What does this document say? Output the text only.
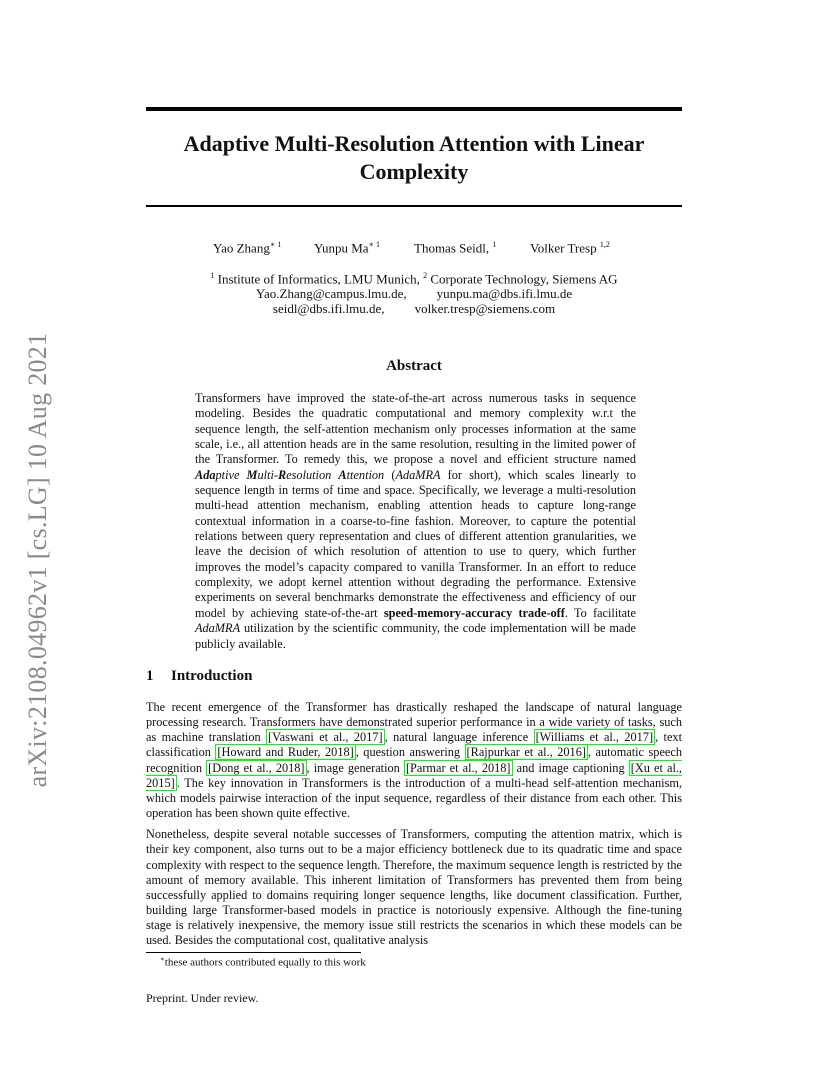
arXiv:2108.04962v1 [cs.LG] 10 Aug 2021
Adaptive Multi-Resolution Attention with Linear
Complexity
Yao Zhang$^{∗ 1}$	Yunpu $Ma^{∗ 1}$	Thomas Seidl, $^1$	Volker Tresp $^{1,2}$
$^1$ Institute of Informatics, LMU Munich, $^2$ Corporate Technology, Siemens AG
Yao.Zhang@campus.lmu.de, yunpu.ma@dbs.ifi.lmu.de
seidl@dbs.ifi.lmu.de, volker.tresp@siemens.com
Abstract
Transformers have improved the state-of-the-art across numerous tasks in sequence modeling. Besides the quadratic computational and memory complexity w.r.t the sequence length, the self-attention mechanism only processes information at the same scale, i.e., all attention heads are in the same resolution, resulting in the limited power of the Transformer. To remedy this, we propose a novel and efficient structure named Adaptive Multi-Resolution Attention (AdaMRA for short), which scales linearly to sequence length in terms of time and space. Specifically, we leverage a multi-resolution multi-head attention mechanism, enabling attention heads to capture long-range contextual information in a coarse-to-fine fashion. Moreover, to capture the potential relations between query representation and clues of different attention granularities, we leave the decision of which resolution of attention to use to query, which further improves the model’s capacity compared to vanilla Transformer. In an effort to reduce complexity, we adopt kernel attention without degrading the performance. Extensive experiments on several benchmarks demonstrate the effectiveness and efficiency of our model by achieving state-of-the-art speed-memory-accuracy trade-off. To facilitate AdaMRA utilization by the scientific community, the code implementation will be made publicly available.
1 Introduction

The recent emergence of the Transformer has drastically reshaped the landscape of natural language processing research. Transformers have demonstrated superior performance in a wide variety of tasks, such as machine translation [Vaswani et al., 2017] , natural language inference [Williams et al., 2017] , text classification [Howard and Ruder, 2018] , question answering [Rajpurkar et al., 2016] , automatic speech recognition [Dong et al., 2018] , image generation [Parmar et al., 2018] and image captioning [Xu et al., 2015] . The key innovation in Transformers is the introduction of a multi-head self-attention mechanism, which models pairwise interaction of the input sequence, regardless of their distance from each other. This operation has been shown quite effective.

Nonetheless, despite several notable successes of Transformers, computing the attention matrix, which is their key component, also turns out to be a major efficiency bottleneck due to its quadratic time and space complexity with respect to the sequence length. Therefore, the maximum sequence length is restricted by the amount of memory available. This inherent limitation of Transformers has prevented them from being successfully applied to domains requiring longer sequence lengths, like document classification. Further, building large Transformer-based models in practice is notoriously expensive. Although the fine-tuning stage is relatively inexpensive, the memory issue still restricts the scenarios in which these models can be used. Besides the computational cost, qualitative analysis

∗these authors contributed equally to this work
Preprint. Under review.
